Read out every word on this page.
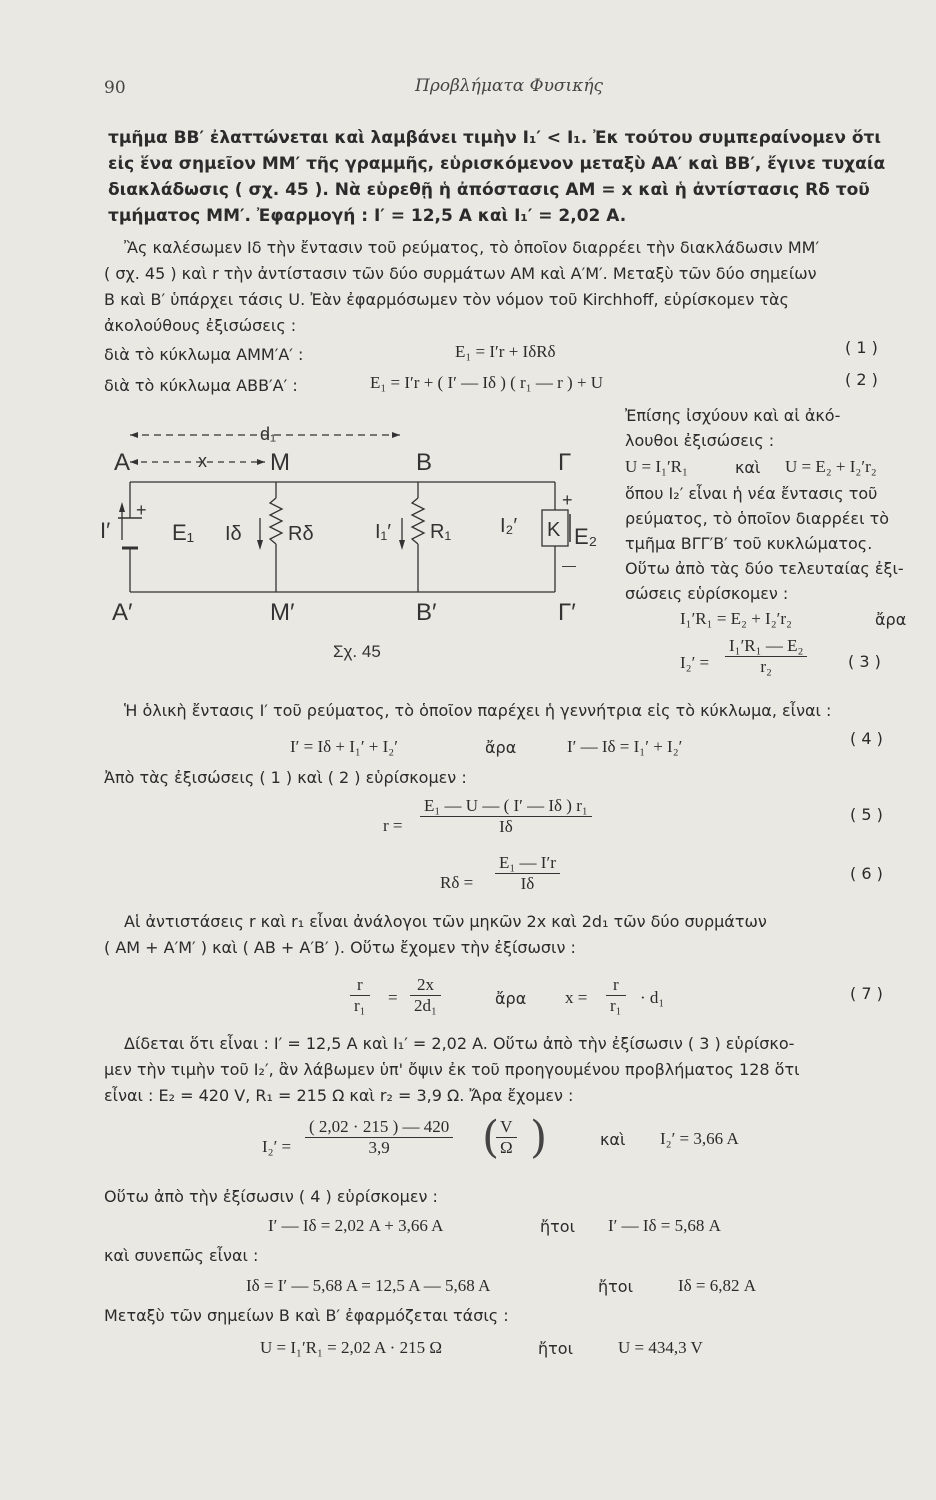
90	Προβλήματα Φυσικής
τμῆμα ΒΒ′ ἐλαττώνεται καὶ λαμβάνει τιμὴν I₁′ < I₁. Ἐκ τούτου συμπεραίνομεν ὅτι
εἰς ἕνα σημεῖον ΜΜ′ τῆς γραμμῆς, εὑρισκόμενον μεταξὺ ΑΑ′ καὶ ΒΒ′, ἔγινε τυχαία
διακλάδωσις ( σχ. 45 ). Νὰ εὑρεθῇ ἡ ἀπόστασις ΑΜ = x καὶ ἡ ἀντίστασις Rδ τοῦ
τμήματος ΜΜ′. Ἐφαρμογή : I′ = 12,5 A καὶ I₁′ = 2,02 A.
Ἂς καλέσωμεν Iδ τὴν ἔντασιν τοῦ ρεύματος, τὸ ὁποῖον διαρρέει τὴν διακλάδωσιν ΜΜ′
( σχ. 45 ) καὶ r τὴν ἀντίστασιν τῶν δύο συρμάτων ΑΜ καὶ Α′Μ′. Μεταξὺ τῶν δύο σημείων
Β καὶ Β′ ὑπάρχει τάσις U. Ἐὰν ἐφαρμόσωμεν τὸν νόμον τοῦ Kirchhoff, εὑρίσκομεν τὰς
ἀκολούθους ἐξισώσεις :
διὰ τὸ κύκλωμα ΑΜΜ′Α′ :	E₁ = I′r + IδRδ	( 1 )
διὰ τὸ κύκλωμα ΑΒΒ′Α′ :	E₁ = I′r + ( I′ — Iδ ) ( r₁ — r ) + U	( 2 )
Ἐπίσης ἰσχύουν καὶ αἱ ἀκό-
λουθοι ἐξισώσεις :
U = I₁′R₁	καὶ U = E₂ + I₂′r₂
ὅπου I₂′ εἶναι ἡ νέα ἔντασις τοῦ
ρεύματος, τὸ ὁποῖον διαρρέει τὸ
τμῆμα ΒΓΓ′Β′ τοῦ κυκλώματος.
Οὕτω ἀπὸ τὰς δύο τελευταίας ἐξι-
σώσεις εὑρίσκομεν :
I₁′R₁ = E₂ + I₂′r₂	ἄρα
$I_2' = \frac{\text{I₁′R₁ — E₂}}{\text{r₂}}$	( 3 )
d₁
x
A	M	B	Γ
A′	M′	B′	Γ′
I′
+
E₁ Iδ Rδ	I₁′ R₁ I₂′ K
+
E₂
—
Σχ. 45
Ἡ ὁλικὴ ἔντασις I′ τοῦ ρεύματος, τὸ ὁποῖον παρέχει ἡ γεννήτρια εἰς τὸ κύκλωμα, εἶναι :
I′ = Iδ + I₁′ + I₂′	ἄρα	I′ — Iδ = I₁′ + I₂′	( 4 )
Ἀπὸ τὰς ἐξισώσεις ( 1 ) καὶ ( 2 ) εὑρίσκομεν :
$r = \frac{\text{E₁ — U — ( I′ — Iδ ) r₁}}{I\delta}$	( 5 )
$R\delta = \frac{\text{E₁ — I′r}}{I\delta}$	( 6 )
Αἱ ἀντιστάσεις r καὶ r₁ εἶναι ἀνάλογοι τῶν μηκῶν 2x καὶ 2d₁ τῶν δύο συρμάτων
( ΑΜ + Α′Μ′ ) καὶ ( ΑΒ + Α′Β′ ). Οὕτω ἔχομεν τὴν ἐξίσωσιν :
$\frac{r}{\text{r₁}} = \frac{2x}{\text{2d₁}}$	ἄρα $x = \frac{r}{\text{r₁}} \cdot d_1$	( 7 )
Δίδεται ὅτι εἶναι : I′ = 12,5 A καὶ I₁′ = 2,02 A. Οὕτω ἀπὸ τὴν ἐξίσωσιν ( 3 ) εὑρίσκο-
μεν τὴν τιμὴν τοῦ I₂′, ἂν λάβωμεν ὑπ' ὄψιν ἐκ τοῦ προηγουμένου προβλήματος 128 ὅτι
εἶναι : E₂ = 420 V, R₁ = 215 Ω καὶ r₂ = 3,9 Ω. Ἄρα ἔχομεν :
$I_2' = \frac{( 2,02 \cdot 215 ) — 420}{3,9}$ (
$\frac{V}{\Omega}$ )	καὶ I₂′ = 3,66 A
Οὕτω ἀπὸ τὴν ἐξίσωσιν ( 4 ) εὑρίσκομεν :
I′ — Iδ = 2,02 A + 3,66 A	ἤτοι I′ — Iδ = 5,68 A
καὶ συνεπῶς εἶναι :
Iδ = I′ — 5,68 A = 12,5 A — 5,68 A	ἤτοι	Iδ = 6,82 A
Μεταξὺ τῶν σημείων Β καὶ Β′ ἐφαρμόζεται τάσις :
U = I₁′R₁ = 2,02 A · 215 Ω	ἤτοι	U = 434,3 V
